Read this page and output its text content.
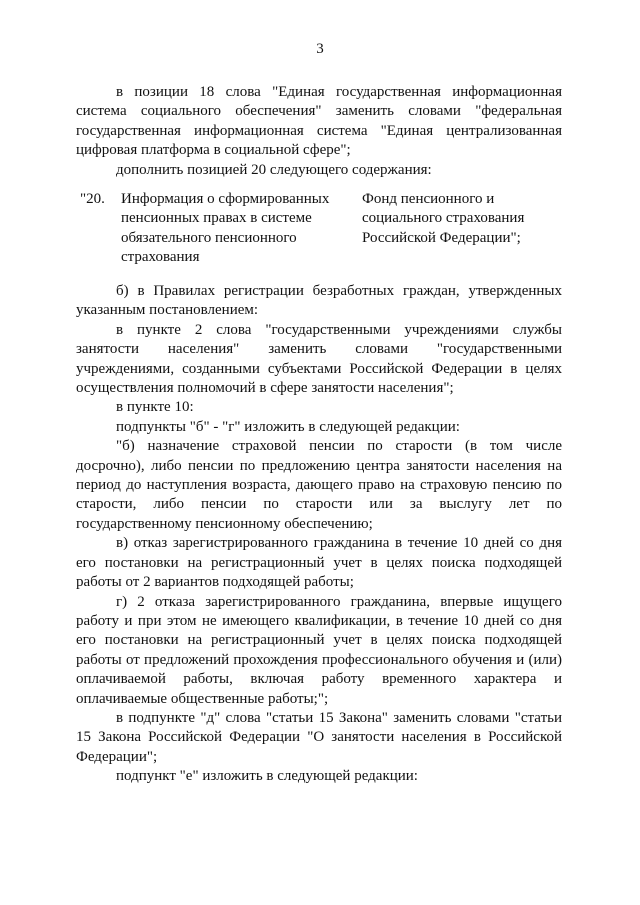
3

в позиции 18 слова "Единая государственная информационная система социального обеспечения" заменить словами "федеральная государственная информационная система "Единая централизованная цифровая платформа в социальной сфере";

дополнить позицией 20 следующего содержания:

"20. Информация о сформированных
пенсионных правах в системе
обязательного пенсионного
страхования
Фонд пенсионного и
социального страхования
Российской Федерации";

б) в Правилах регистрации безработных граждан, утвержденных указанным постановлением:

в пункте 2 слова "государственными учреждениями службы занятости населения" заменить словами "государственными учреждениями, созданными субъектами Российской Федерации в целях осуществления полномочий в сфере занятости населения";

в пункте 10:

подпункты "б" - "г" изложить в следующей редакции:

"б) назначение страховой пенсии по старости (в том числе досрочно), либо пенсии по предложению центра занятости населения на период до наступления возраста, дающего право на страховую пенсию по старости, либо пенсии по старости или за выслугу лет по государственному пенсионному обеспечению;

в) отказ зарегистрированного гражданина в течение 10 дней со дня его постановки на регистрационный учет в целях поиска подходящей работы от 2 вариантов подходящей работы;

г) 2 отказа зарегистрированного гражданина, впервые ищущего работу и при этом не имеющего квалификации, в течение 10 дней со дня его постановки на регистрационный учет в целях поиска подходящей работы от предложений прохождения профессионального обучения и (или) оплачиваемой работы, включая работу временного характера и оплачиваемые общественные работы;";

в подпункте "д" слова "статьи 15 Закона" заменить словами "статьи 15 Закона Российской Федерации "О занятости населения в Российской Федерации";

подпункт "е" изложить в следующей редакции:
